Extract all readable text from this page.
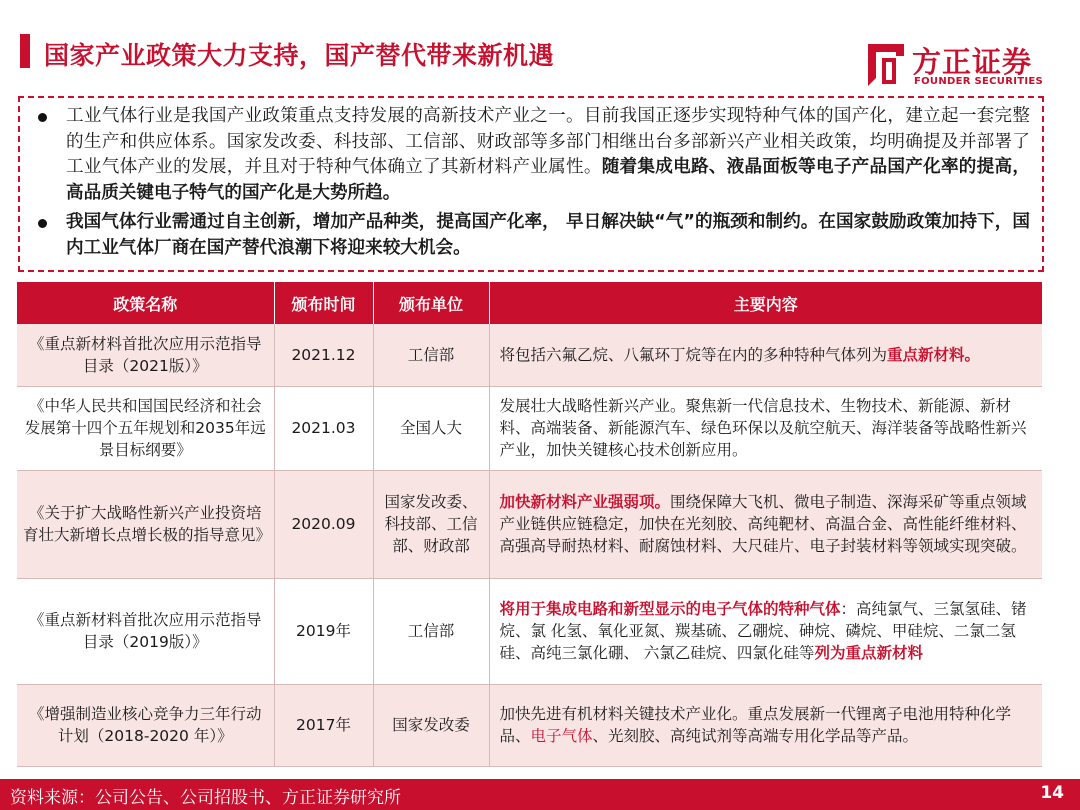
国家产业政策大力支持，国产替代带来新机遇	方正证券
FOUNDER SECURITIES
工业气体行业是我国产业政策重点支持发展的高新技术产业之一。目前我国正逐步实现特种气体的国产化，建立起一套完整的生产和供应体系。国家发改委、科技部、工信部、财政部等多部门相继出台多部新兴产业相关政策，均明确提及并部署了工业气体产业的发展，并且对于特种气体确立了其新材料产业属性。随着集成电路、液晶面板等电子产品国产化率的提高，高品质关键电子特气的国产化是大势所趋。
我国气体行业需通过自主创新，增加产品种类，提高国产化率， 早日解决缺“气”的瓶颈和制约。在国家鼓励政策加持下，国内工业气体厂商在国产替代浪潮下将迎来较大机会。
政策名称	颁布时间	颁布单位	主要内容
《重点新材料首批次应用示范指导目录（2021版）》	2021.12	工信部	将包括六氟乙烷、八氟环丁烷等在内的多种特种气体列为重点新材料。
《中华人民共和国国民经济和社会发展第十四个五年规划和2035年远景目标纲要》	2021.03	全国人大	发展壮大战略性新兴产业。聚焦新一代信息技术、生物技术、新能源、新材料、高端装备、新能源汽车、绿色环保以及航空航天、海洋装备等战略性新兴产业，加快关键核心技术创新应用。
《关于扩大战略性新兴产业投资培育壮大新增长点增长极的指导意见》	2020.09	国家发改委、科技部、工信部、财政部	加快新材料产业强弱项。围绕保障大飞机、微电子制造、深海采矿等重点领域产业链供应链稳定，加快在光刻胶、高纯靶材、高温合金、高性能纤维材料、高强高导耐热材料、耐腐蚀材料、大尺硅片、电子封装材料等领域实现突破。
《重点新材料首批次应用示范指导目录（2019版）》	2019年	工信部	将用于集成电路和新型显示的电子气体的特种气体：高纯氯气、三氯氢硅、锗烷、氯 化氢、氧化亚氮、羰基硫、乙硼烷、砷烷、磷烷、甲硅烷、二氯二氢硅、高纯三氯化硼、 六氯乙硅烷、四氯化硅等列为重点新材料
《增强制造业核心竞争力三年行动计划（2018-2020 年）》	2017年	国家发改委	加快先进有机材料关键技术产业化。重点发展新一代锂离子电池用特种化学品、电子气体、光刻胶、高纯试剂等高端专用化学品等产品。
资料来源：公司公告、公司招股书、方正证券研究所	14
